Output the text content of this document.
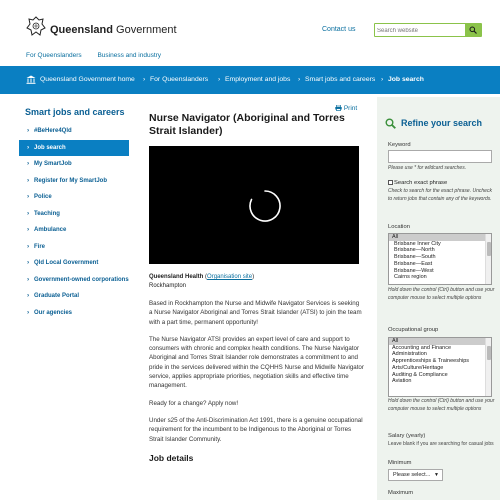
Queensland Government	Contact us
Search website
For Queenslanders Business and industry
Queensland Government home › For Queenslanders › Employment and jobs › Smart jobs and careers › Job search
Smart jobs and careers
› #BeHere4Qld
› Job search
› My SmartJob
› Register for My SmartJob
› Police
› Teaching
› Ambulance
› Fire
› Qld Local Government
› Government-owned corporations
› Graduate Portal
› Our agencies
Print
Nurse Navigator (Aboriginal and Torres Strait Islander)
Queensland Health (Organisation site)
Rockhampton

Based in Rockhampton the Nurse and Midwife Navigator Services is seeking a Nurse Navigator Aboriginal and Torres Strait Islander (ATSI) to join the team with a part time, permanent opportunity!

The Nurse Navigator ATSI provides an expert level of care and support to consumers with chronic and complex health conditions. The Nurse Navigator Aboriginal and Torres Strait Islander role demonstrates a commitment to and pride in the services delivered within the CQHHS Nurse and Midwife Navigator service, applies appropriate priorities, negotiation skills and effective time management.

Ready for a change? Apply now!

Under s25 of the Anti-Discrimination Act 1991, there is a genuine occupational requirement for the incumbent to be Indigenous to the Aboriginal or Torres Strait Islander Community.

Job details
Refine your search
Keyword
Please use * for wildcard searches.
Search exact phrase
Check to search for the exact phrase. Uncheck to return jobs that contain any of the keywords.
Location
All
Brisbane Inner City
Brisbane—North
Brisbane—South
Brisbane—East
Brisbane—West
Cairns region
Hold down the control (Ctrl) button and use your computer mouse to select multiple options
Occupational group
All
Accounting and Finance
Administration
Apprenticeships & Traineeships
Arts/Culture/Heritage
Auditing & Compliance
Aviation
Hold down the control (Ctrl) button and use your computer mouse to select multiple options
Salary (yearly)
Leave blank if you are searching for casual jobs
Minimum
Please select... ▼
Maximum
